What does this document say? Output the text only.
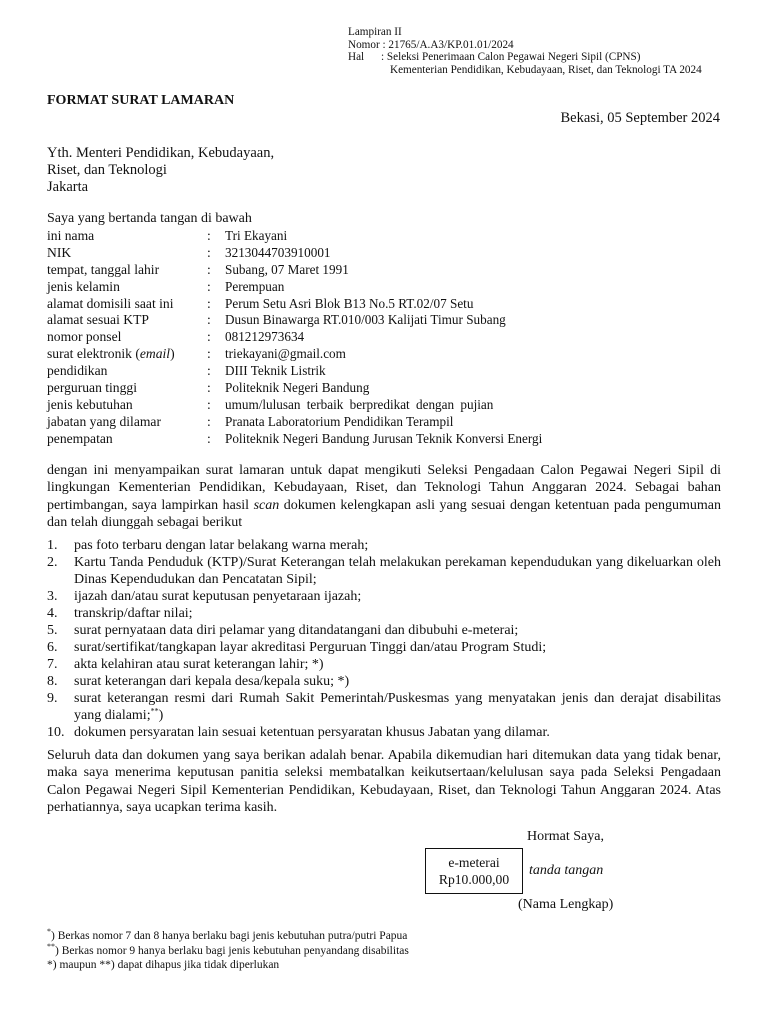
Lampiran II
Nomor : 21765/A.A3/KP.01.01/2024
Hal : Seleksi Penerimaan Calon Pegawai Negeri Sipil (CPNS)
Kementerian Pendidikan, Kebudayaan, Riset, dan Teknologi TA 2024
FORMAT SURAT LAMARAN
Bekasi, 05 September 2024
Yth. Menteri Pendidikan, Kebudayaan,
Riset, dan Teknologi
Jakarta
Saya yang bertanda tangan di bawah
ini nama	:	Tri Ekayani
NIK	:	3213044703910001
tempat, tanggal lahir	:	Subang, 07 Maret 1991
jenis kelamin	:	Perempuan
alamat domisili saat ini	:	Perum Setu Asri Blok B13 No.5 RT.02/07 Setu
alamat sesuai KTP	:	Dusun Binawarga RT.010/003 Kalijati Timur Subang
nomor ponsel	:	081212973634
surat elektronik (email)	:	triekayani@gmail.com
pendidikan	:	DIII Teknik Listrik
perguruan tinggi	:	Politeknik Negeri Bandung
jenis kebutuhan	:	umum/lulusan terbaik berpredikat dengan pujian
jabatan yang dilamar	:	Pranata Laboratorium Pendidikan Terampil
penempatan	:	Politeknik Negeri Bandung Jurusan Teknik Konversi Energi
dengan ini menyampaikan surat lamaran untuk dapat mengikuti Seleksi Pengadaan Calon Pegawai Negeri Sipil di lingkungan Kementerian Pendidikan, Kebudayaan, Riset, dan Teknologi Tahun Anggaran 2024. Sebagai bahan pertimbangan, saya lampirkan hasil scan dokumen kelengkapan asli yang sesuai dengan ketentuan pada pengumuman dan telah diunggah sebagai berikut
1.	pas foto terbaru dengan latar belakang warna merah;
2.	Kartu Tanda Penduduk (KTP)/Surat Keterangan telah melakukan perekaman kependudukan yang dikeluarkan oleh Dinas Kependudukan dan Pencatatan Sipil;
3.	ijazah dan/atau surat keputusan penyetaraan ijazah;
4.	transkrip/daftar nilai;
5.	surat pernyataan data diri pelamar yang ditandatangani dan dibubuhi e-meterai;
6.	surat/sertifikat/tangkapan layar akreditasi Perguruan Tinggi dan/atau Program Studi;
7.	akta kelahiran atau surat keterangan lahir; *)
8.	surat keterangan dari kepala desa/kepala suku; *)
9.	surat keterangan resmi dari Rumah Sakit Pemerintah/Puskesmas yang menyatakan jenis dan derajat disabilitas yang dialami;**)
10. dokumen persyaratan lain sesuai ketentuan persyaratan khusus Jabatan yang dilamar.
Seluruh data dan dokumen yang saya berikan adalah benar. Apabila dikemudian hari ditemukan data yang tidak benar, maka saya menerima keputusan panitia seleksi membatalkan keikutsertaan/kelulusan saya pada Seleksi Pengadaan Calon Pegawai Negeri Sipil Kementerian Pendidikan, Kebudayaan, Riset, dan Teknologi Tahun Anggaran 2024. Atas perhatiannya, saya ucapkan terima kasih.
Hormat Saya,
e-meterai
Rp10.000,00
tanda tangan
(Nama Lengkap)
*) Berkas nomor 7 dan 8 hanya berlaku bagi jenis kebutuhan putra/putri Papua
**) Berkas nomor 9 hanya berlaku bagi jenis kebutuhan penyandang disabilitas
*) maupun **) dapat dihapus jika tidak diperlukan
